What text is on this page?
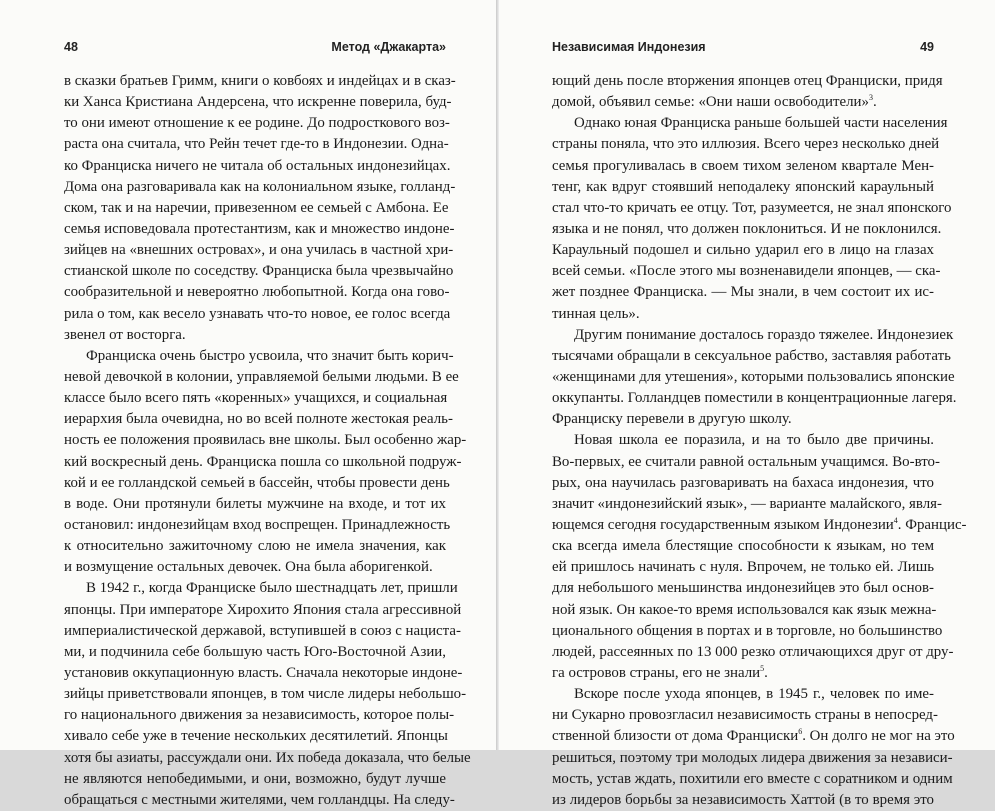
48	Метод «Джакарта»
в сказки братьев Гримм, книги о ковбоях и индейцах и в сказ-
ки Ханса Кристиана Андерсена, что искренне поверила, буд-
то они имеют отношение к ее родине. До подросткового воз-
раста она считала, что Рейн течет где-то в Индонезии. Одна-
ко Франциска ничего не читала об остальных индонезийцах.
Дома она разговаривала как на колониальном языке, голланд-
ском, так и на наречии, привезенном ее семьей с Амбона. Ее
семья исповедовала протестантизм, как и множество индоне-
зийцев на «внешних островах», и она училась в частной хри-
стианской школе по соседству. Франциска была чрезвычайно
сообразительной и невероятно любопытной. Когда она гово-
рила о том, как весело узнавать что-то новое, ее голос всегда
звенел от восторга.
Франциска очень быстро усвоила, что значит быть корич-
невой девочкой в колонии, управляемой белыми людьми. В ее
классе было всего пять «коренных» учащихся, и социальная
иерархия была очевидна, но во всей полноте жестокая реаль-
ность ее положения проявилась вне школы. Был особенно жар-
кий воскресный день. Франциска пошла со школьной подруж-
кой и ее голландской семьей в бассейн, чтобы провести день
в воде. Они протянули билеты мужчине на входе, и тот их
остановил: индонезийцам вход воспрещен. Принадлежность
к относительно зажиточному слою не имела значения, как
и возмущение остальных девочек. Она была аборигенкой.
В 1942 г., когда Франциске было шестнадцать лет, пришли
японцы. При императоре Хирохито Япония стала агрессивной
империалистической державой, вступившей в союз с нациста-
ми, и подчинила себе большую часть Юго-Восточной Азии,
установив оккупационную власть. Сначала некоторые индоне-
зийцы приветствовали японцев, в том числе лидеры небольшо-
го национального движения за независимость, которое полы-
хивало себе уже в течение нескольких десятилетий. Японцы
хотя бы азиаты, рассуждали они. Их победа доказала, что белые
не являются непобедимыми, и они, возможно, будут лучше
обращаться с местными жителями, чем голландцы. На следу-
Независимая Индонезия	49
ющий день после вторжения японцев отец Франциски, придя
домой, объявил семье: «Они наши освободители»$^3$.
Однако юная Франциска раньше большей части населения
страны поняла, что это иллюзия. Всего через несколько дней
семья прогуливалась в своем тихом зеленом квартале Мен-
тенг, как вдруг стоявший неподалеку японский караульный
стал что-то кричать ее отцу. Тот, разумеется, не знал японского
языка и не понял, что должен поклониться. И не поклонился.
Караульный подошел и сильно ударил его в лицо на глазах
всей семьи. «После этого мы возненавидели японцев, — ска-
жет позднее Франциска. — Мы знали, в чем состоит их ис-
тинная цель».
Другим понимание досталось гораздо тяжелее. Индонезиек
тысячами обращали в сексуальное рабство, заставляя работать
«женщинами для утешения», которыми пользовались японские
оккупанты. Голландцев поместили в концентрационные лагеря.
Франциску перевели в другую школу.
Новая школа ее поразила, и на то было две причины.
Во-первых, ее считали равной остальным учащимся. Во-вто-
рых, она научилась разговаривать на бахаса индонезия, что
значит «индонезийский язык», — варианте малайского, явля-
ющемся сегодня государственным языком Индонезии$^4$. Францис-
ска всегда имела блестящие способности к языкам, но тем
ей пришлось начинать с нуля. Впрочем, не только ей. Лишь
для небольшого меньшинства индонезийцев это был основ-
ной язык. Он какое-то время использовался как язык межна-
ционального общения в портах и в торговле, но большинство
людей, рассеянных по 13 000 резко отличающихся друг от дру-
га островов страны, его не знали$^5$.
Вскоре после ухода японцев, в 1945 г., человек по име-
ни Сукарно провозгласил независимость страны в непосред-
ственной близости от дома Франциски$^6$. Он долго не мог на это
решиться, поэтому три молодых лидера движения за независи-
мость, устав ждать, похитили его вместе с соратником и одним
из лидеров борьбы за независимость Хаттой (в то время это
